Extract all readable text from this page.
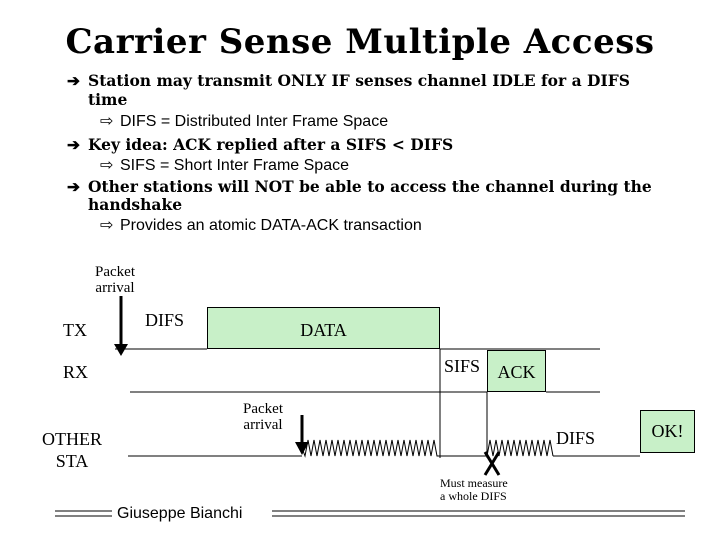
Carrier Sense Multiple Access
➔ Station may transmit ONLY IF senses channel IDLE for a DIFS
time
⇨ DIFS = Distributed Inter Frame Space
➔ Key idea: ACK replied after a SIFS < DIFS
⇨ SIFS = Short Inter Frame Space
➔ Other stations will NOT be able to access the channel during the
handshake
⇨ Provides an atomic DATA-ACK transaction
Packet
arrival
TX	DIFS	DATA
RX	SIFS ACK
Packet
arrival
OTHER
STA
DIFS	OK!
Must measure
a whole DIFS
Giuseppe Bianchi
